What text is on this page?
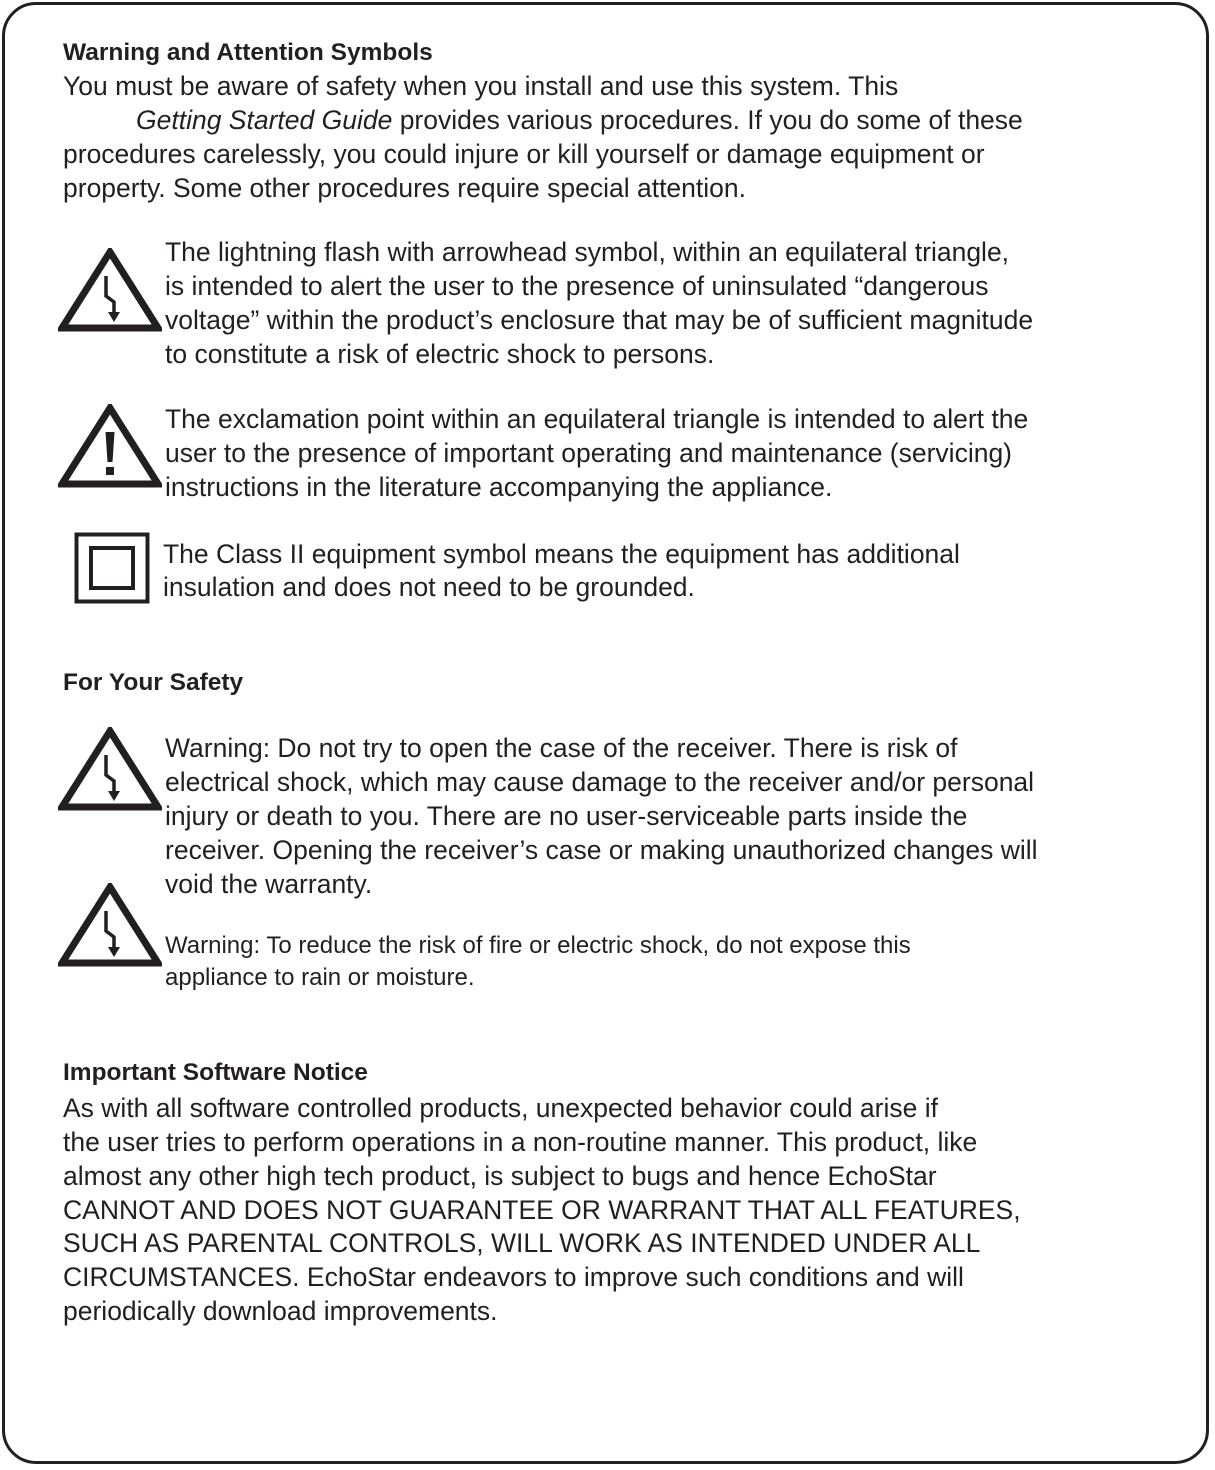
Warning and Attention Symbols
You must be aware of safety when you install and use this system. This
Getting Started Guide provides various procedures. If you do some of these
procedures carelessly, you could injure or kill yourself or damage equipment or
property. Some other procedures require special attention.
The lightning flash with arrowhead symbol, within an equilateral triangle,
is intended to alert the user to the presence of uninsulated “dangerous
voltage” within the product’s enclosure that may be of sufficient magnitude
to constitute a risk of electric shock to persons.
The exclamation point within an equilateral triangle is intended to alert the
user to the presence of important operating and maintenance (servicing)
instructions in the literature accompanying the appliance.
The Class II equipment symbol means the equipment has additional
insulation and does not need to be grounded.
For Your Safety
Warning: Do not try to open the case of the receiver. There is risk of
electrical shock, which may cause damage to the receiver and/or personal
injury or death to you. There are no user-serviceable parts inside the
receiver. Opening the receiver’s case or making unauthorized changes will
void the warranty.
Warning: To reduce the risk of fire or electric shock, do not expose this
appliance to rain or moisture.
Important Software Notice
As with all software controlled products, unexpected behavior could arise if
the user tries to perform operations in a non-routine manner. This product, like
almost any other high tech product, is subject to bugs and hence EchoStar
CANNOT AND DOES NOT GUARANTEE OR WARRANT THAT ALL FEATURES,
SUCH AS PARENTAL CONTROLS, WILL WORK AS INTENDED UNDER ALL
CIRCUMSTANCES. EchoStar endeavors to improve such conditions and will
periodically download improvements.
